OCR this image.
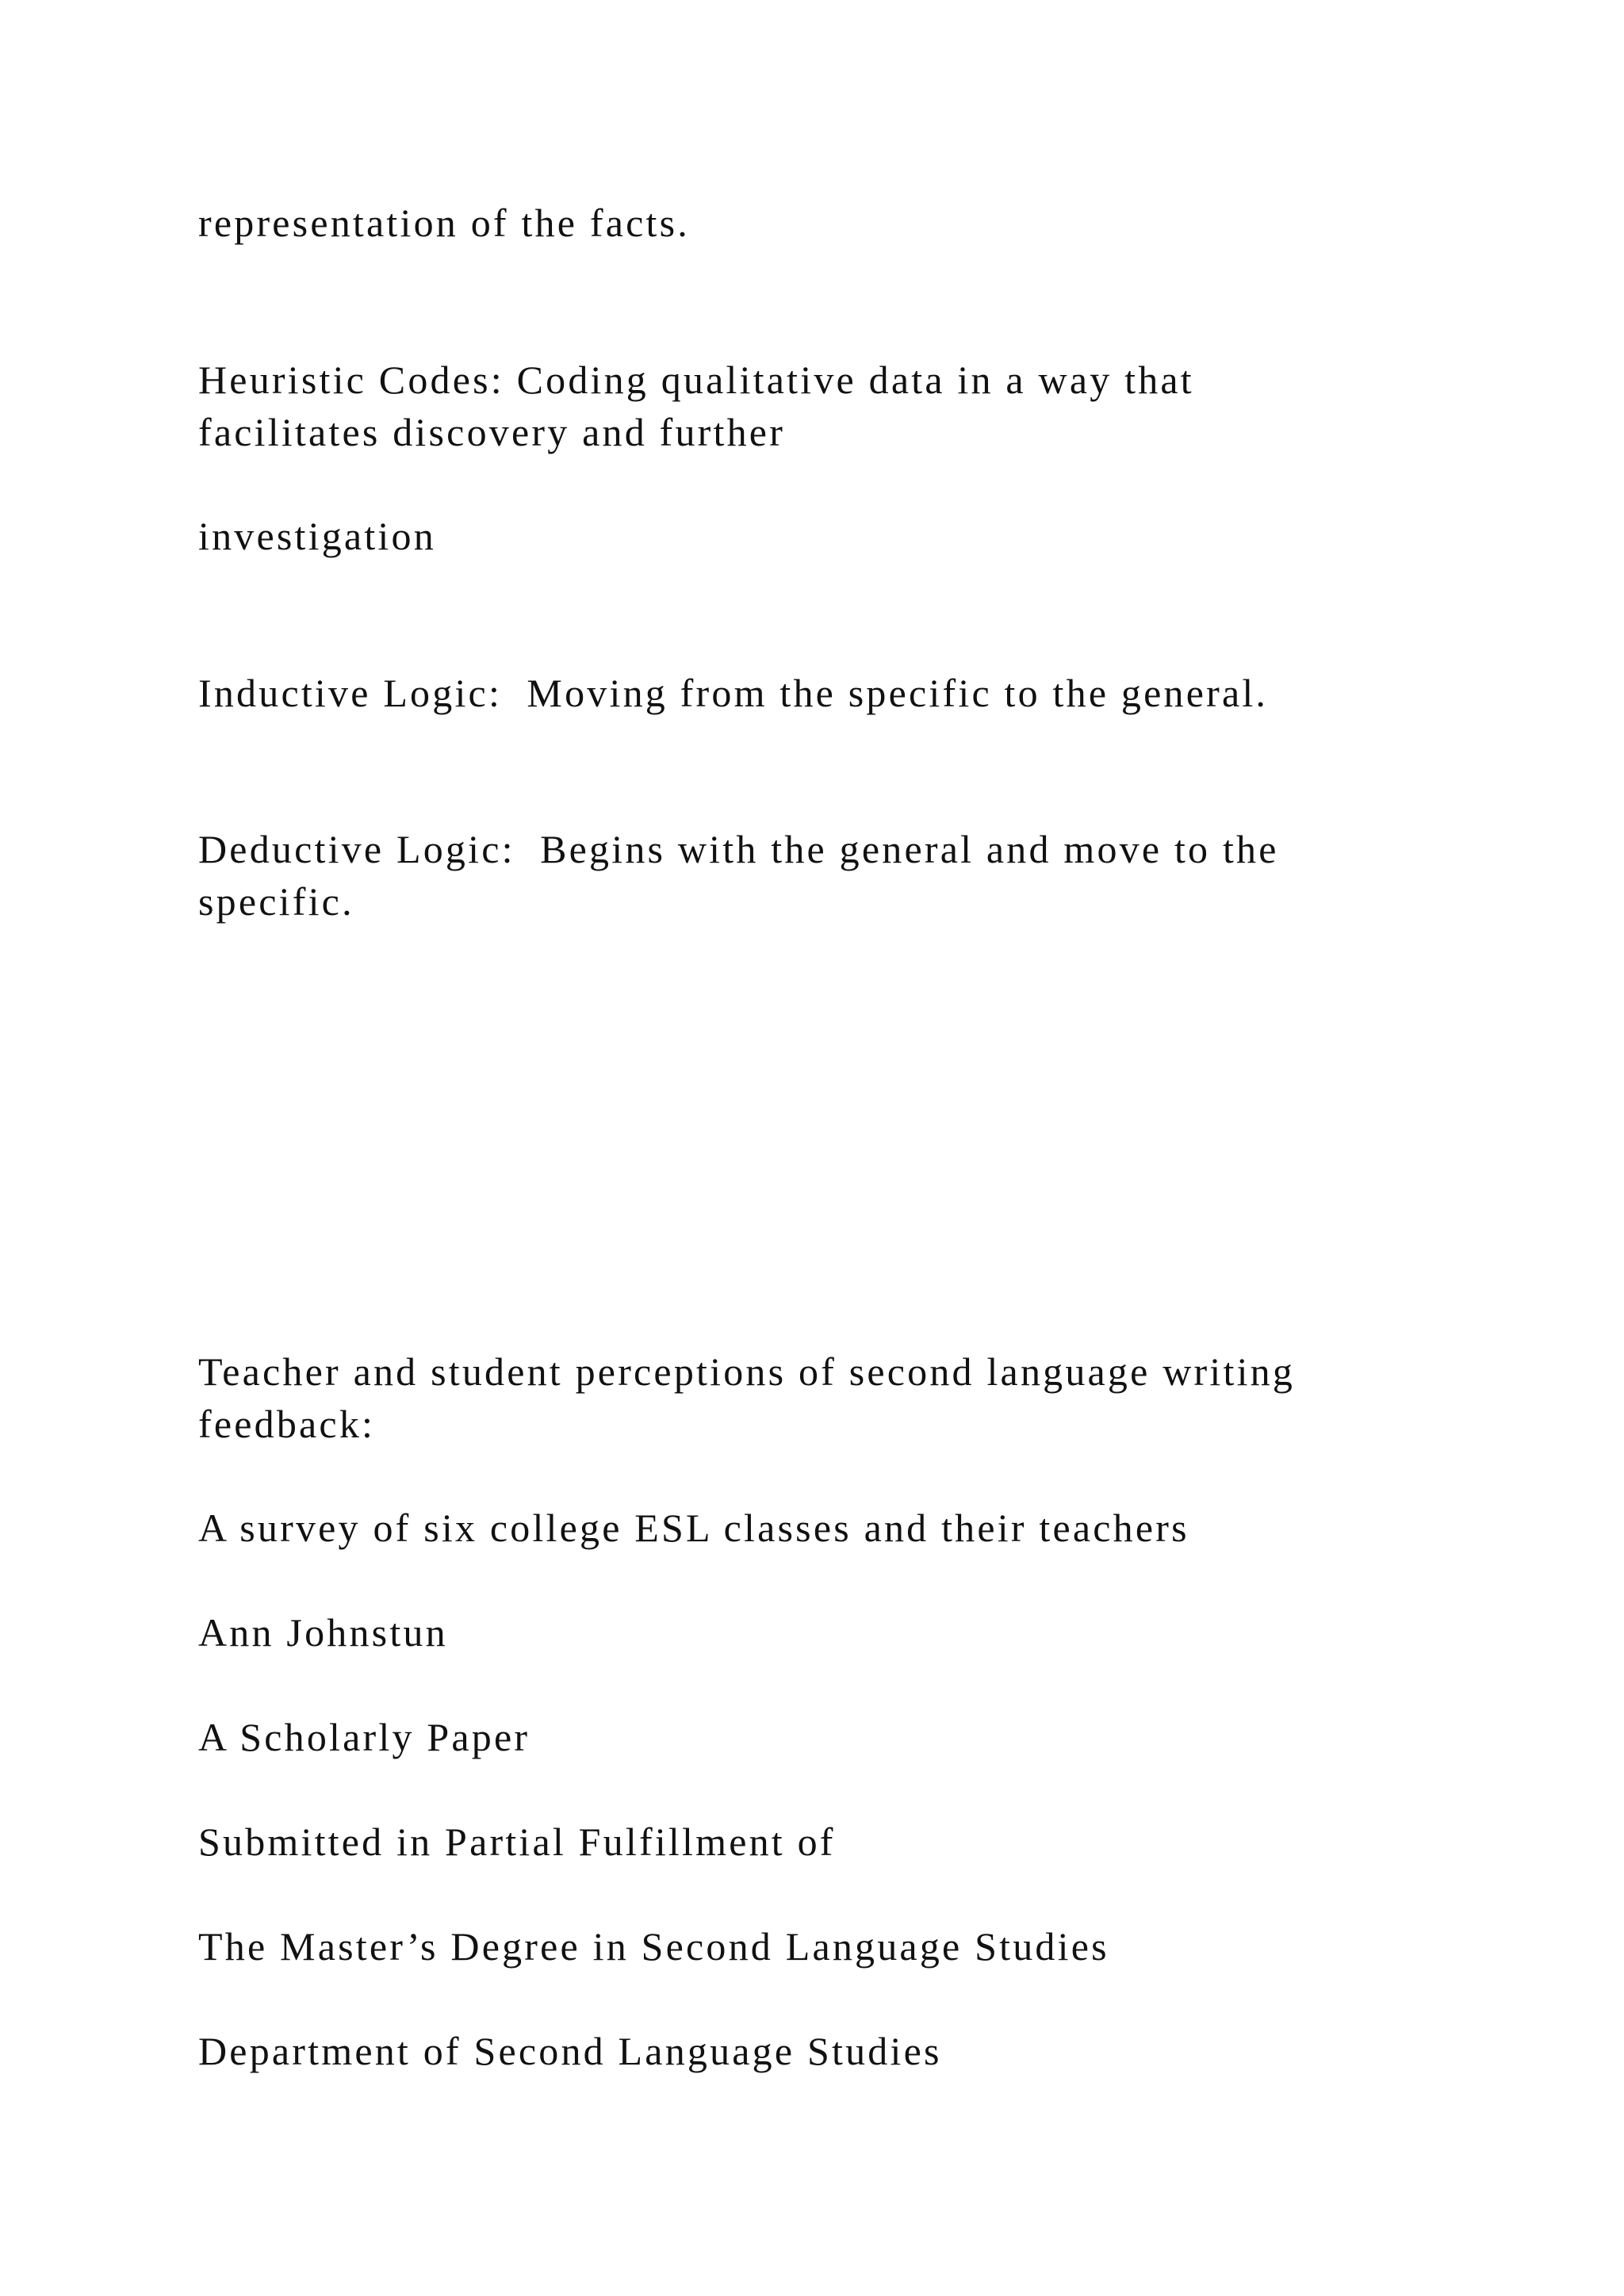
representation of the facts.

Heuristic Codes: Coding qualitative data in a way that

facilitates discovery and further

investigation

Inductive Logic:  Moving from the specific to the general.

Deductive Logic:  Begins with the general and move to the

specific.

Teacher and student perceptions of second language writing

feedback:

A survey of six college ESL classes and their teachers

Ann Johnstun

A Scholarly Paper

Submitted in Partial Fulfillment of

The Master’s Degree in Second Language Studies

Department of Second Language Studies
